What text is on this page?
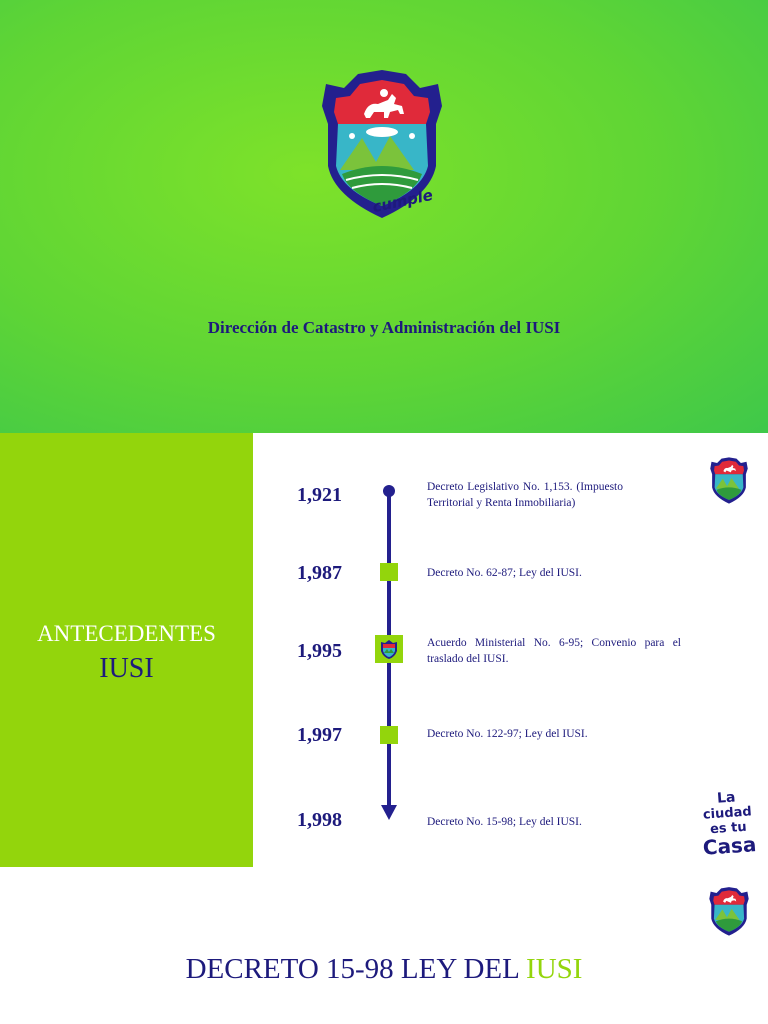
cumple
Dirección de Catastro y Administración del IUSI
ANTECEDENTES
IUSI
1,921	Decreto Legislativo No. 1,153. (Impuesto Territorial y Renta Inmobiliaria)
1,987	Decreto No. 62-87; Ley del IUSI.
1,995	Acuerdo Ministerial No. 6-95; Convenio para el traslado del IUSI.
1,997	Decreto No. 122-97; Ley del IUSI.
1,998	Decreto No. 15-98; Ley del IUSI.
La
ciudad
es tu
Casa
DECRETO 15-98 LEY DEL IUSI
